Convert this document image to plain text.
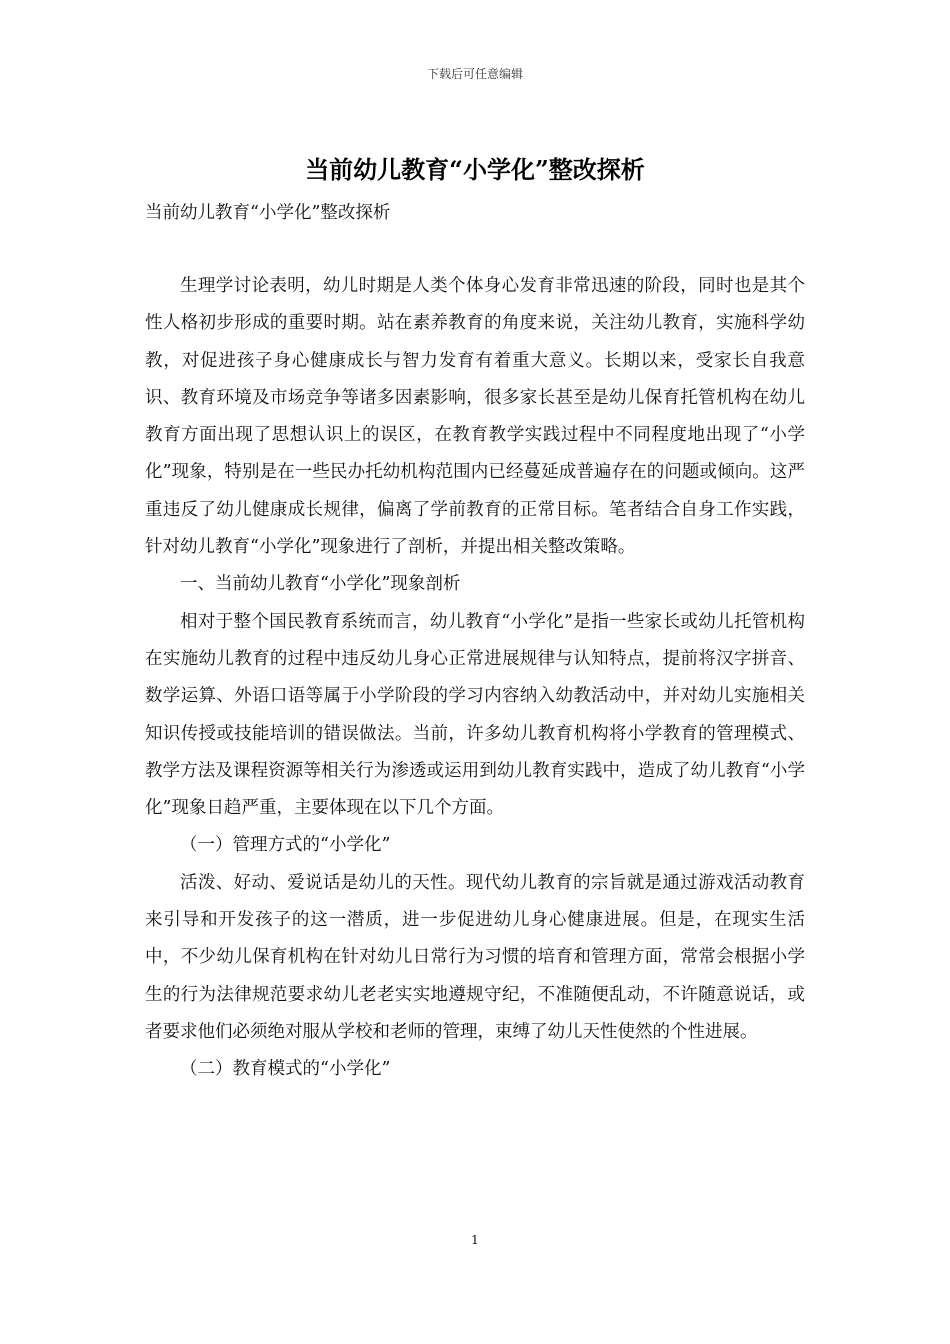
下载后可任意编辑
当前幼儿教育“小学化”整改探析
当前幼儿教育“小学化”整改探析

生理学讨论表明，幼儿时期是人类个体身心发育非常迅速的阶段，同时也是其个性人格初步形成的重要时期。站在素养教育的角度来说，关注幼儿教育，实施科学幼教，对促进孩子身心健康成长与智力发育有着重大意义。长期以来，受家长自我意识、教育环境及市场竞争等诸多因素影响，很多家长甚至是幼儿保育托管机构在幼儿教育方面出现了思想认识上的误区，在教育教学实践过程中不同程度地出现了“小学化”现象，特别是在一些民办托幼机构范围内已经蔓延成普遍存在的问题或倾向。这严重违反了幼儿健康成长规律，偏离了学前教育的正常目标。笔者结合自身工作实践，针对幼儿教育“小学化”现象进行了剖析，并提出相关整改策略。

一、当前幼儿教育“小学化”现象剖析

相对于整个国民教育系统而言，幼儿教育“小学化”是指一些家长或幼儿托管机构在实施幼儿教育的过程中违反幼儿身心正常进展规律与认知特点，提前将汉字拼音、数学运算、外语口语等属于小学阶段的学习内容纳入幼教活动中，并对幼儿实施相关知识传授或技能培训的错误做法。当前，许多幼儿教育机构将小学教育的管理模式、教学方法及课程资源等相关行为渗透或运用到幼儿教育实践中，造成了幼儿教育“小学化”现象日趋严重，主要体现在以下几个方面。

（一）管理方式的“小学化”

活泼、好动、爱说话是幼儿的天性。现代幼儿教育的宗旨就是通过游戏活动教育来引导和开发孩子的这一潜质，进一步促进幼儿身心健康进展。但是，在现实生活中，不少幼儿保育机构在针对幼儿日常行为习惯的培育和管理方面，常常会根据小学生的行为法律规范要求幼儿老老实实地遵规守纪，不准随便乱动，不许随意说话，或者要求他们必须绝对服从学校和老师的管理，束缚了幼儿天性使然的个性进展。

（二）教育模式的“小学化”

1
